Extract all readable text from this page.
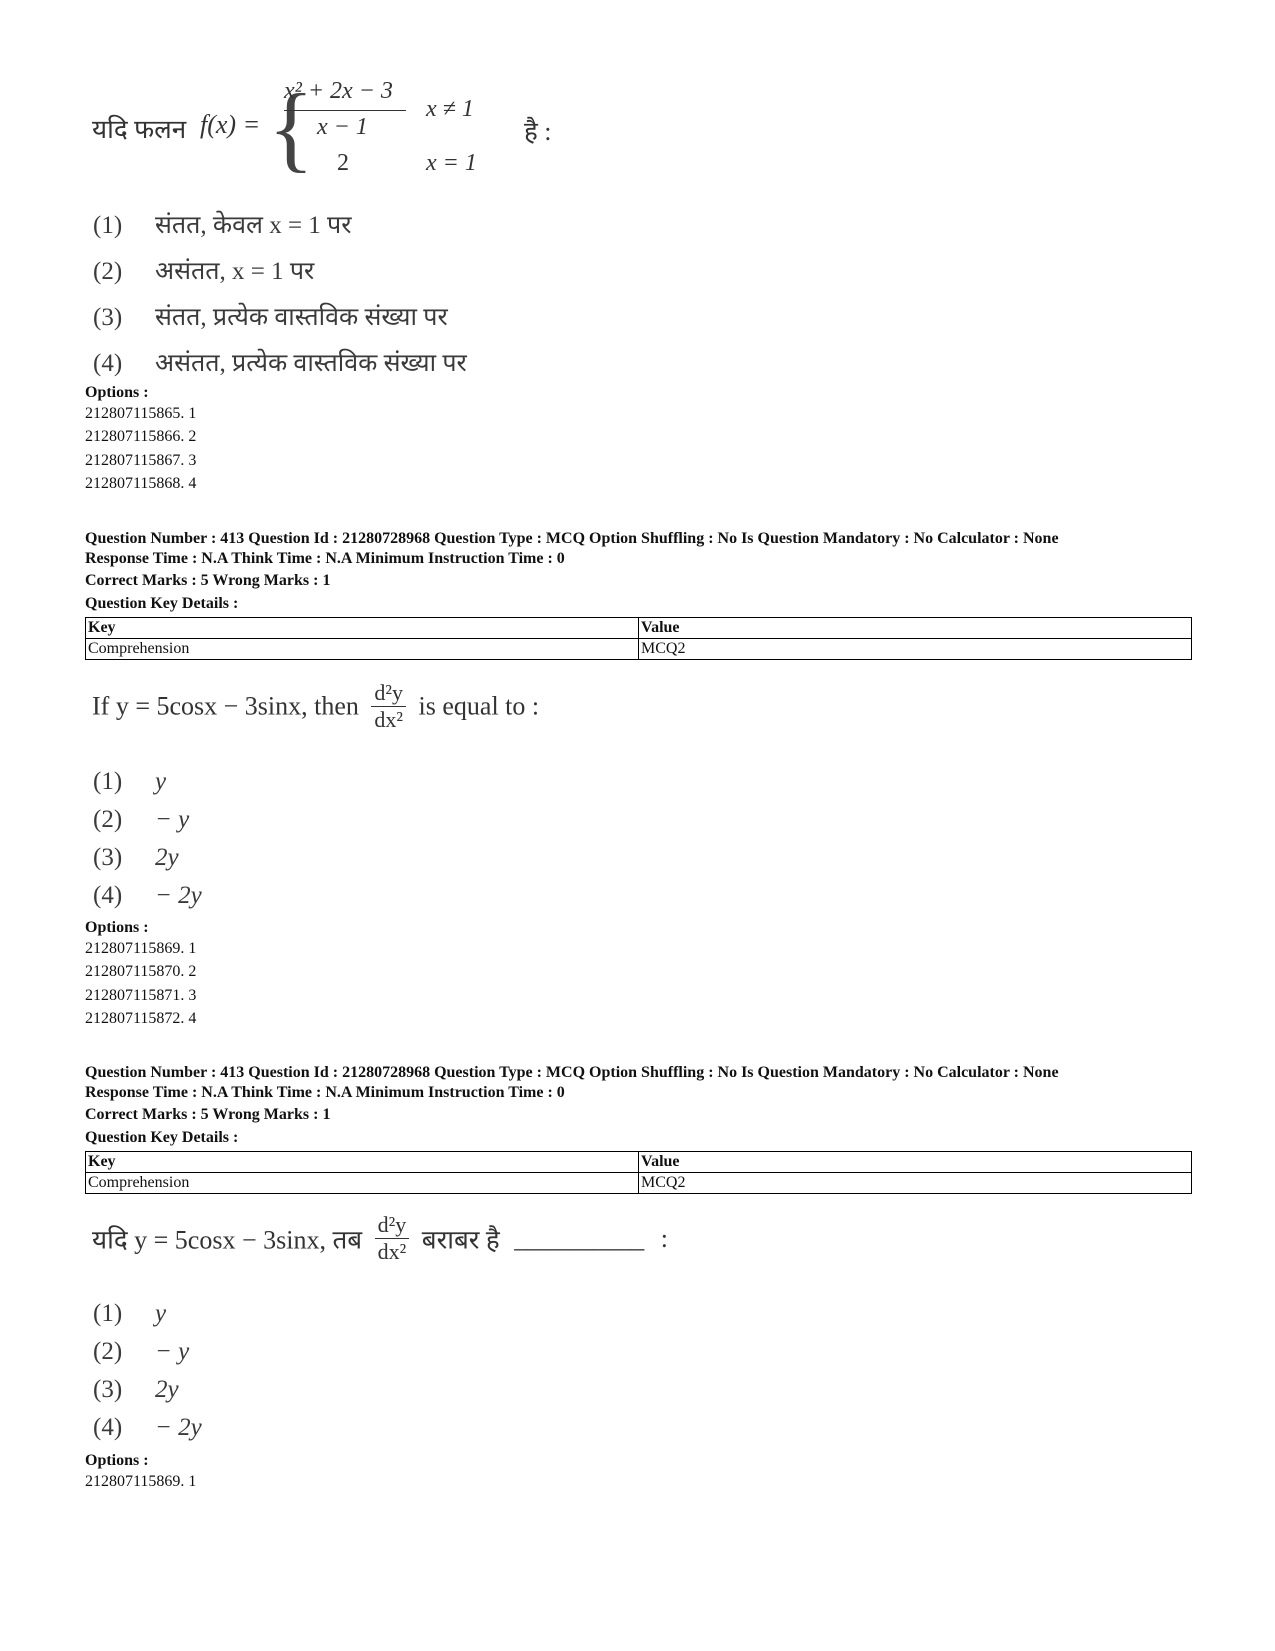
यदि फलन f(x) = {
x² + 2x − 3
x − 1
x ≠ 1
2	x = 1
है :
(1) संतत, केवल x = 1 पर
(2) असंतत, x = 1 पर
(3) संतत, प्रत्येक वास्तविक संख्या पर
(4) असंतत, प्रत्येक वास्तविक संख्या पर
Options :
212807115865. 1
212807115866. 2
212807115867. 3
212807115868. 4
Question Number : 413 Question Id : 21280728968 Question Type : MCQ Option Shuffling : No Is Question Mandatory : No Calculator : None
Response Time : N.A Think Time : N.A Minimum Instruction Time : 0
Correct Marks : 5 Wrong Marks : 1
Question Key Details :
Key	Value
Comprehension	MCQ2
If y = 5cosx − 3sinx, then $\frac{\text{d²y}}{\text{dx²}}$ is equal to :
(1) y
(2) − y
(3) 2y
(4) − 2y
Options :
212807115869. 1
212807115870. 2
212807115871. 3
212807115872. 4
Question Number : 413 Question Id : 21280728968 Question Type : MCQ Option Shuffling : No Is Question Mandatory : No Calculator : None
Response Time : N.A Think Time : N.A Minimum Instruction Time : 0
Correct Marks : 5 Wrong Marks : 1
Question Key Details :
Key	Value
Comprehension	MCQ2
यदि y = 5cosx − 3sinx, तब $\frac{\text{d²y}}{\text{dx²}}$ बराबर है __________ :
(1) y
(2) − y
(3) 2y
(4) − 2y
Options :
212807115869. 1
